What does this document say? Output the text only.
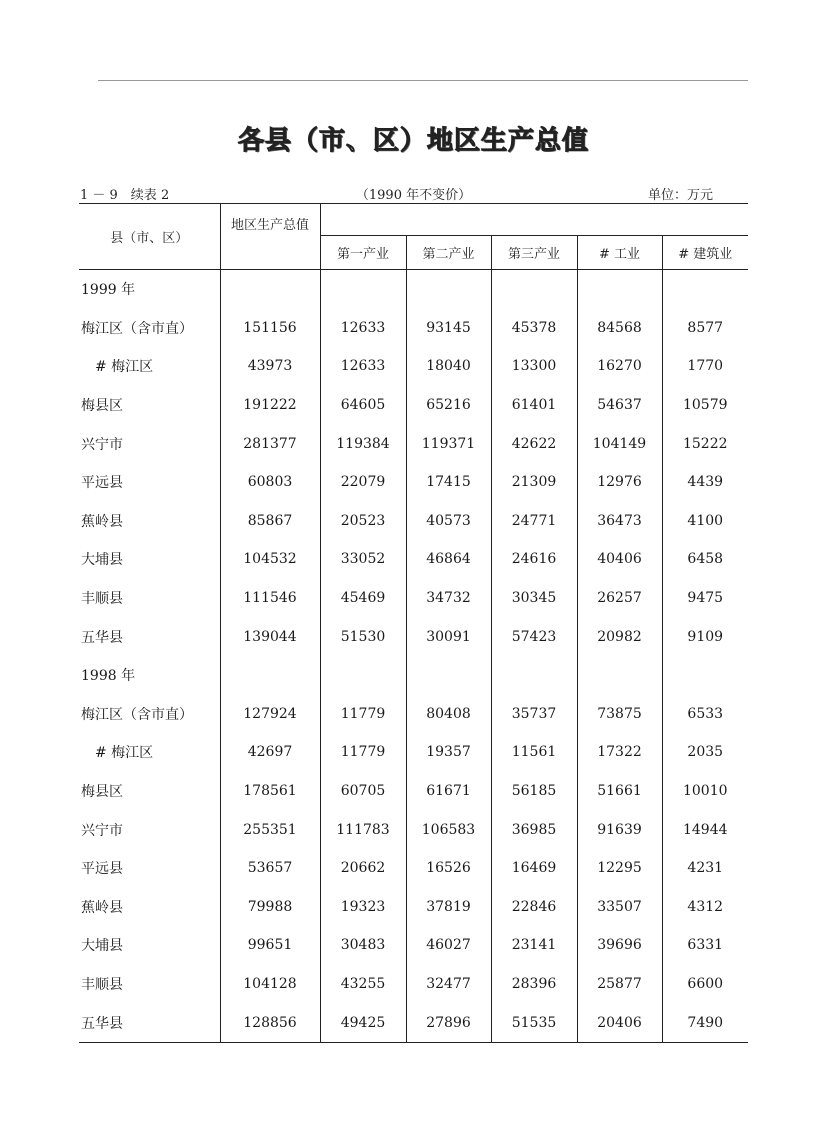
各县（市、区）地区生产总值
1 － 9　续表 2	（1990 年不变价）	单位：万元
县（市、区）	地区生产总值					
		第一产业	第二产业	第三产业	# 工业	# 建筑业
1999 年						
梅江区（含市直）	151156	12633	93145	45378	84568	8577
# 梅江区	43973	12633	18040	13300	16270	1770
梅县区	191222	64605	65216	61401	54637	10579
兴宁市	281377	119384	119371	42622	104149	15222
平远县	60803	22079	17415	21309	12976	4439
蕉岭县	85867	20523	40573	24771	36473	4100
大埔县	104532	33052	46864	24616	40406	6458
丰顺县	111546	45469	34732	30345	26257	9475
五华县	139044	51530	30091	57423	20982	9109
1998 年						
梅江区（含市直）	127924	11779	80408	35737	73875	6533
# 梅江区	42697	11779	19357	11561	17322	2035
梅县区	178561	60705	61671	56185	51661	10010
兴宁市	255351	111783	106583	36985	91639	14944
平远县	53657	20662	16526	16469	12295	4231
蕉岭县	79988	19323	37819	22846	33507	4312
大埔县	99651	30483	46027	23141	39696	6331
丰顺县	104128	43255	32477	28396	25877	6600
五华县	128856	49425	27896	51535	20406	7490
